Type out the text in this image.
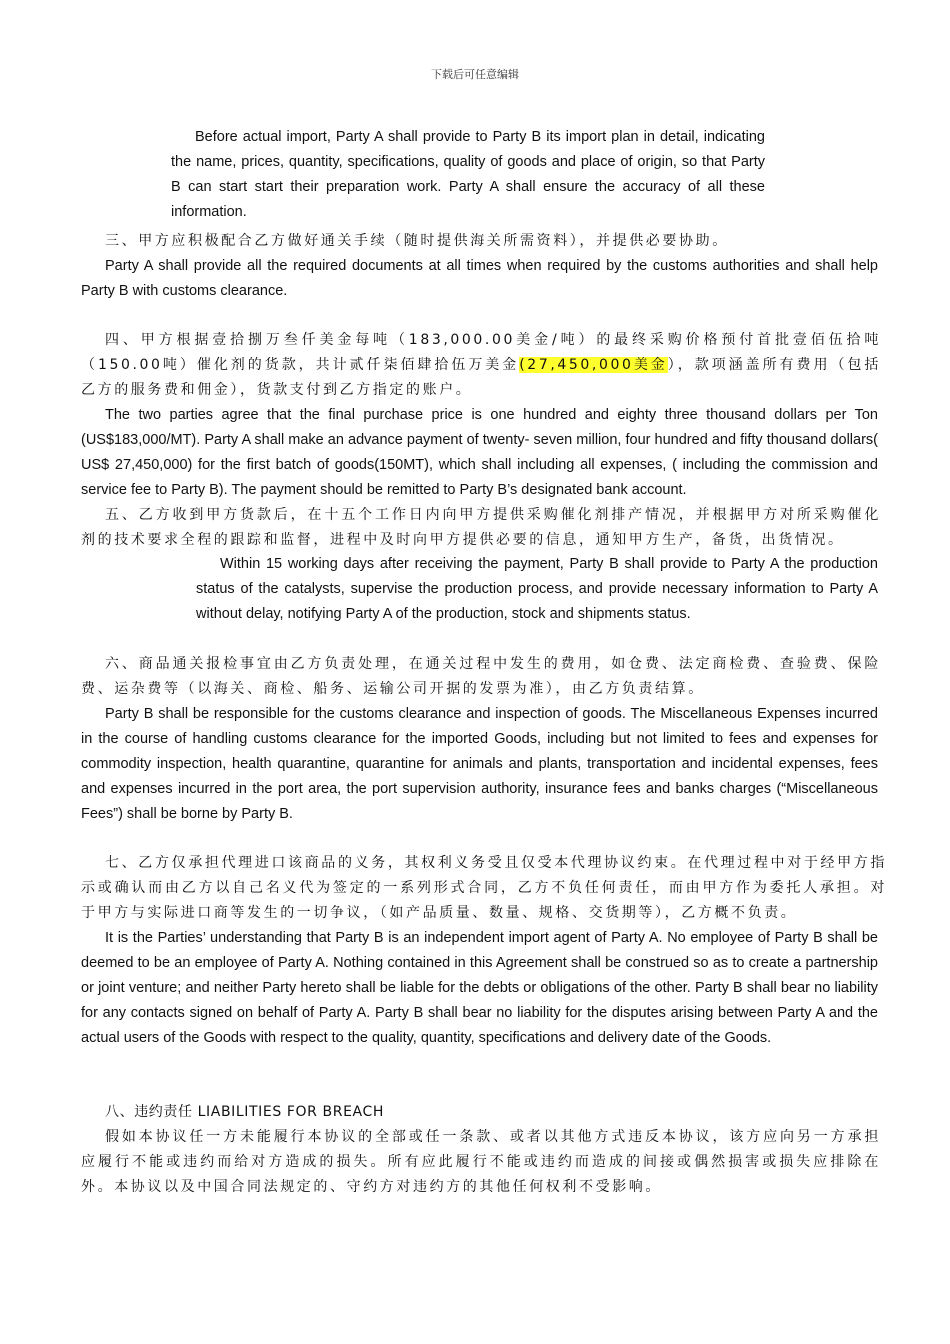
下载后可任意编辑

Before actual import, Party A shall provide to Party B its import plan in detail, indicating the name, prices, quantity, specifications, quality of goods and place of origin, so that Party B can start start their preparation work. Party A shall ensure the accuracy of all these information.

三、甲方应积极配合乙方做好通关手续（随时提供海关所需资料），并提供必要协助。

Party A shall provide all the required documents at all times when required by the customs authorities and shall help Party B with customs clearance.

四、甲方根据壹拾捌万叁仟美金每吨（183,000.00美金/吨）的最终采购价格预付首批壹佰伍拾吨（150.00吨）催化剂的货款，共计贰仟柒佰肆拾伍万美金(27,450,000美金），款项涵盖所有费用（包括乙方的服务费和佣金），货款支付到乙方指定的账户。

The two parties agree that the final purchase price is one hundred and eighty three thousand dollars per Ton (US$183,000/MT). Party A shall make an advance payment of twenty- seven million, four hundred and fifty thousand dollars( US$ 27,450,000) for the first batch of goods(150MT), which shall including all expenses, ( including the commission and service fee to Party B). The payment should be remitted to Party B’s designated bank account.

五、乙方收到甲方货款后，在十五个工作日内向甲方提供采购催化剂排产情况，并根据甲方对所采购催化剂的技术要求全程的跟踪和监督，进程中及时向甲方提供必要的信息，通知甲方生产，备货，出货情况。

Within 15 working days after receiving the payment, Party B shall provide to Party A the production status of the catalysts, supervise the production process, and provide necessary information to Party A without delay, notifying Party A of the production, stock and shipments status.

六、商品通关报检事宜由乙方负责处理，在通关过程中发生的费用，如仓费、法定商检费、查验费、保险费、运杂费等（以海关、商检、船务、运输公司开据的发票为准），由乙方负责结算。

Party B shall be responsible for the customs clearance and inspection of goods. The Miscellaneous Expenses incurred in the course of handling customs clearance for the imported Goods, including but not limited to fees and expenses for commodity inspection, health quarantine, quarantine for animals and plants, transportation and incidental expenses, fees and expenses incurred in the port area, the port supervision authority, insurance fees and banks charges (“Miscellaneous Fees”) shall be borne by Party B.

七、乙方仅承担代理进口该商品的义务，其权利义务受且仅受本代理协议约束。在代理过程中对于经甲方指示或确认而由乙方以自己名义代为签定的一系列形式合同，乙方不负任何责任，而由甲方作为委托人承担。对于甲方与实际进口商等发生的一切争议，（如产品质量、数量、规格、交货期等），乙方概不负责。

It is the Parties’ understanding that Party B is an independent import agent of Party A. No employee of Party B shall be deemed to be an employee of Party A. Nothing contained in this Agreement shall be construed so as to create a partnership or joint venture; and neither Party hereto shall be liable for the debts or obligations of the other. Party B shall bear no liability for any contacts signed on behalf of Party A. Party B shall bear no liability for the disputes arising between Party A and the actual users of the Goods with respect to the quality, quantity, specifications and delivery date of the Goods.

八、违约责任 LIABILITIES FOR BREACH

假如本协议任一方未能履行本协议的全部或任一条款、或者以其他方式违反本协议，该方应向另一方承担应履行不能或违约而给对方造成的损失。所有应此履行不能或违约而造成的间接或偶然损害或损失应排除在外。本协议以及中国合同法规定的、守约方对违约方的其他任何权利不受影响。
